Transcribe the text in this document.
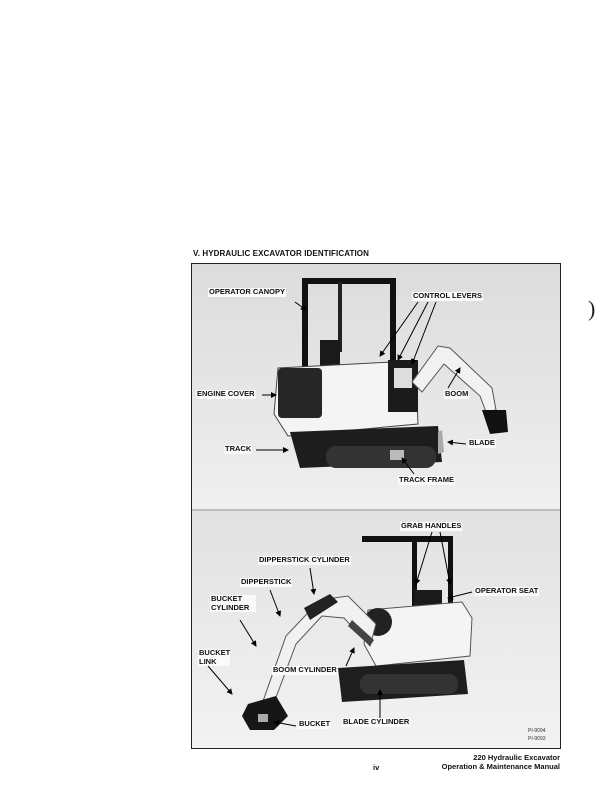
V. HYDRAULIC EXCAVATOR IDENTIFICATION
)
OPERATOR CANOPY	CONTROL LEVERS
ENGINE COVER	BOOM
TRACK
BLADE
TRACK FRAME
GRAB HANDLES
DIPPERSTICK CYLINDER
DIPPERSTICK
OPERATOR SEAT
BUCKET CYLINDER
BUCKET LINK
BOOM CYLINDER
BUCKET BLADE CYLINDER
PI-9094
PI-9093
iv
220 Hydraulic Excavator
Operation & Maintenance Manual
